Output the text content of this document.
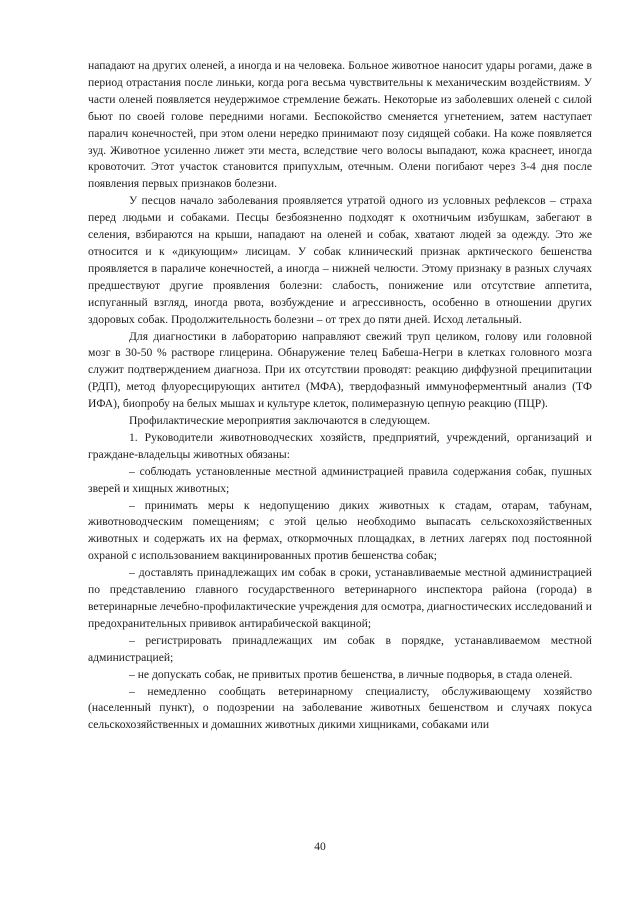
нападают на других оленей, а иногда и на человека. Больное животное наносит удары рогами, даже в период отрастания после линьки, когда рога весьма чувствительны к механическим воздействиям. У части оленей появляется неудержимое стремление бежать. Некоторые из заболевших оленей с силой бьют по своей голове передними ногами. Беспокойство сменяется угнетением, затем наступает паралич конечностей, при этом олени нередко принимают позу сидящей собаки. На коже появляется зуд. Животное усиленно лижет эти места, вследствие чего волосы выпадают, кожа краснеет, иногда кровоточит. Этот участок становится припухлым, отечным. Олени погибают через 3-4 дня после появления первых признаков болезни.

У песцов начало заболевания проявляется утратой одного из условных рефлексов – страха перед людьми и собаками. Песцы безбоязненно подходят к охотничьим избушкам, забегают в селения, взбираются на крыши, нападают на оленей и собак, хватают людей за одежду. Это же относится и к «дикующим» лисицам. У собак клинический признак арктического бешенства проявляется в параличе конечностей, а иногда – нижней челюсти. Этому признаку в разных случаях предшествуют другие проявления болезни: слабость, понижение или отсутствие аппетита, испуганный взгляд, иногда рвота, возбуждение и агрессивность, особенно в отношении других здоровых собак. Продолжительность болезни – от трех до пяти дней. Исход летальный.

Для диагностики в лабораторию направляют свежий труп целиком, голову или головной мозг в 30-50 % растворе глицерина. Обнаружение телец Бабеша-Негри в клетках головного мозга служит подтверждением диагноза. При их отсутствии проводят: реакцию диффузной преципитации (РДП), метод флуоресцирующих антител (МФА), твердофазный иммуноферментный анализ (ТФ ИФА), биопробу на белых мышах и культуре клеток, полимеразную цепную реакцию (ПЦР).

Профилактические мероприятия заключаются в следующем.

1. Руководители животноводческих хозяйств, предприятий, учреждений, организаций и граждане-владельцы животных обязаны:

– соблюдать установленные местной администрацией правила содержания собак, пушных зверей и хищных животных;

– принимать меры к недопущению диких животных к стадам, отарам, табунам, животноводческим помещениям; с этой целью необходимо выпасать сельскохозяйственных животных и содержать их на фермах, откормочных площадках, в летних лагерях под постоянной охраной с использованием вакцинированных против бешенства собак;

– доставлять принадлежащих им собак в сроки, устанавливаемые местной администрацией по представлению главного государственного ветеринарного инспектора района (города) в ветеринарные лечебно-профилактические учреждения для осмотра, диагностических исследований и предохранительных прививок антирабической вакциной;

– регистрировать принадлежащих им собак в порядке, устанавливаемом местной администрацией;

– не допускать собак, не привитых против бешенства, в личные подворья, в стада оленей.

– немедленно сообщать ветеринарному специалисту, обслуживающему хозяйство (населенный пункт), о подозрении на заболевание животных бешенством и случаях покуса сельскохозяйственных и домашних животных дикими хищниками, собаками или

40
